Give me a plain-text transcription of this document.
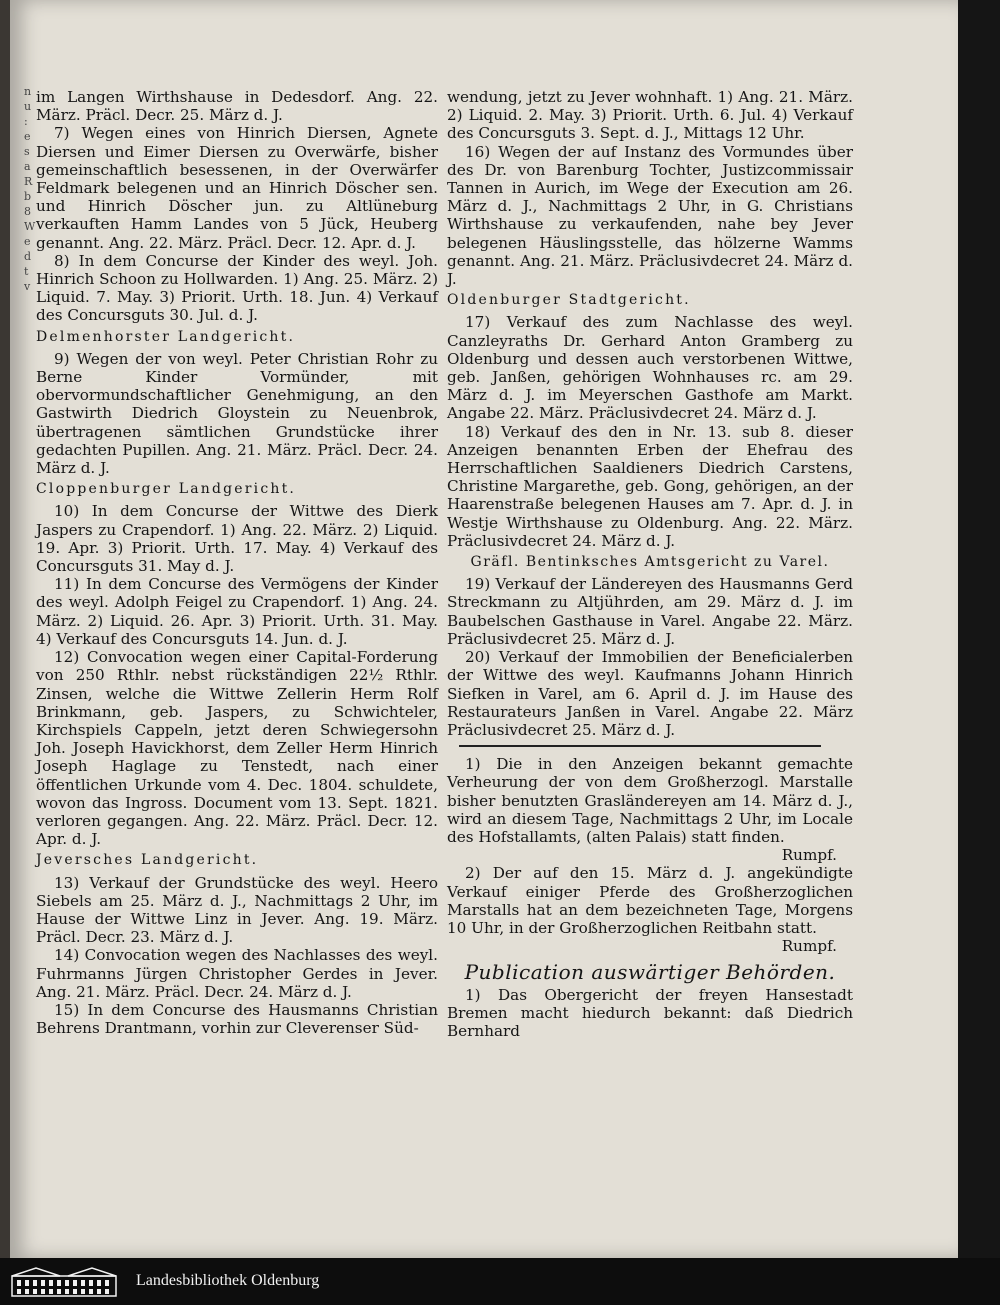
n u : e s a R b 8 W e d t v

im Langen Wirthshause in Dedesdorf. Ang. 22. März. Präcl. Decr. 25. März d. J.

7) Wegen eines von Hinrich Diersen, Agnete Diersen und Eimer Diersen zu Overwärfe, bisher gemeinschaftlich besessenen, in der Overwärfer Feldmark belegenen und an Hinrich Döscher sen. und Hinrich Döscher jun. zu Altlüneburg verkauften Hamm Landes von 5 Jück, Heuberg genannt. Ang. 22. März. Präcl. Decr. 12. Apr. d. J.

8) In dem Concurse der Kinder des weyl. Joh. Hinrich Schoon zu Hollwarden. 1) Ang. 25. März. 2) Liquid. 7. May. 3) Priorit. Urth. 18. Jun. 4) Verkauf des Concursguts 30. Jul. d. J.

Delmenhorster Landgericht.

9) Wegen der von weyl. Peter Christian Rohr zu Berne Kinder Vormünder, mit obervormundschaftlicher Genehmigung, an den Gastwirth Diedrich Gloystein zu Neuenbrok, übertragenen sämtlichen Grundstücke ihrer gedachten Pupillen. Ang. 21. März. Präcl. Decr. 24. März d. J.

Cloppenburger Landgericht.

10) In dem Concurse der Wittwe des Dierk Jaspers zu Crapendorf. 1) Ang. 22. März. 2) Liquid. 19. Apr. 3) Priorit. Urth. 17. May. 4) Verkauf des Concursguts 31. May d. J.

11) In dem Concurse des Vermögens der Kinder des weyl. Adolph Feigel zu Crapendorf. 1) Ang. 24. März. 2) Liquid. 26. Apr. 3) Priorit. Urth. 31. May. 4) Verkauf des Concursguts 14. Jun. d. J.

12) Convocation wegen einer Capital-Forderung von 250 Rthlr. nebst rückständigen 22½ Rthlr. Zinsen, welche die Wittwe Zellerin Herm Rolf Brinkmann, geb. Jaspers, zu Schwichteler, Kirchspiels Cappeln, jetzt deren Schwiegersohn Joh. Joseph Havickhorst, dem Zeller Herm Hinrich Joseph Haglage zu Tenstedt, nach einer öffentlichen Urkunde vom 4. Dec. 1804. schuldete, wovon das Ingross. Document vom 13. Sept. 1821. verloren gegangen. Ang. 22. März. Präcl. Decr. 12. Apr. d. J.

Jeversches Landgericht.

13) Verkauf der Grundstücke des weyl. Heero Siebels am 25. März d. J., Nachmittags 2 Uhr, im Hause der Wittwe Linz in Jever. Ang. 19. März. Präcl. Decr. 23. März d. J.

14) Convocation wegen des Nachlasses des weyl. Fuhrmanns Jürgen Christopher Gerdes in Jever. Ang. 21. März. Präcl. Decr. 24. März d. J.

15) In dem Concurse des Hausmanns Christian Behrens Drantmann, vorhin zur Cleverenser Süd-

wendung, jetzt zu Jever wohnhaft. 1) Ang. 21. März. 2) Liquid. 2. May. 3) Priorit. Urth. 6. Jul. 4) Verkauf des Concursguts 3. Sept. d. J., Mittags 12 Uhr.

16) Wegen der auf Instanz des Vormundes über des Dr. von Barenburg Tochter, Justizcommissair Tannen in Aurich, im Wege der Execution am 26. März d. J., Nachmittags 2 Uhr, in G. Christians Wirthshause zu verkaufenden, nahe bey Jever belegenen Häuslingsstelle, das hölzerne Wamms genannt. Ang. 21. März. Präclusivdecret 24. März d. J.

Oldenburger Stadtgericht.

17) Verkauf des zum Nachlasse des weyl. Canzleyraths Dr. Gerhard Anton Gramberg zu Oldenburg und dessen auch verstorbenen Wittwe, geb. Janßen, gehörigen Wohnhauses rc. am 29. März d. J. im Meyerschen Gasthofe am Markt. Angabe 22. März. Präclusivdecret 24. März d. J.

18) Verkauf des den in Nr. 13. sub 8. dieser Anzeigen benannten Erben der Ehefrau des Herrschaftlichen Saaldieners Diedrich Carstens, Christine Margarethe, geb. Gong, gehörigen, an der Haarenstraße belegenen Hauses am 7. Apr. d. J. in Westje Wirthshause zu Oldenburg. Ang. 22. März. Präclusivdecret 24. März d. J.

Gräfl. Bentinksches Amtsgericht zu Varel.

19) Verkauf der Ländereyen des Hausmanns Gerd Streckmann zu Altjührden, am 29. März d. J. im Baubelschen Gasthause in Varel. Angabe 22. März. Präclusivdecret 25. März d. J.

20) Verkauf der Immobilien der Beneficialerben der Wittwe des weyl. Kaufmanns Johann Hinrich Siefken in Varel, am 6. April d. J. im Hause des Restaurateurs Janßen in Varel. Angabe 22. März Präclusivdecret 25. März d. J.

1) Die in den Anzeigen bekannt gemachte Verheurung der von dem Großherzogl. Marstalle bisher benutzten Grasländereyen am 14. März d. J., wird an diesem Tage, Nachmittags 2 Uhr, im Locale des Hofstallamts, (alten Palais) statt finden.

Rumpf.

2) Der auf den 15. März d. J. angekündigte Verkauf einiger Pferde des Großherzoglichen Marstalls hat an dem bezeichneten Tage, Morgens 10 Uhr, in der Großherzoglichen Reitbahn statt.

Rumpf.
Publication auswärtiger Behörden.

1) Das Obergericht der freyen Hansestadt Bremen macht hiedurch bekannt: daß Diedrich Bernhard

Landesbibliothek Oldenburg
